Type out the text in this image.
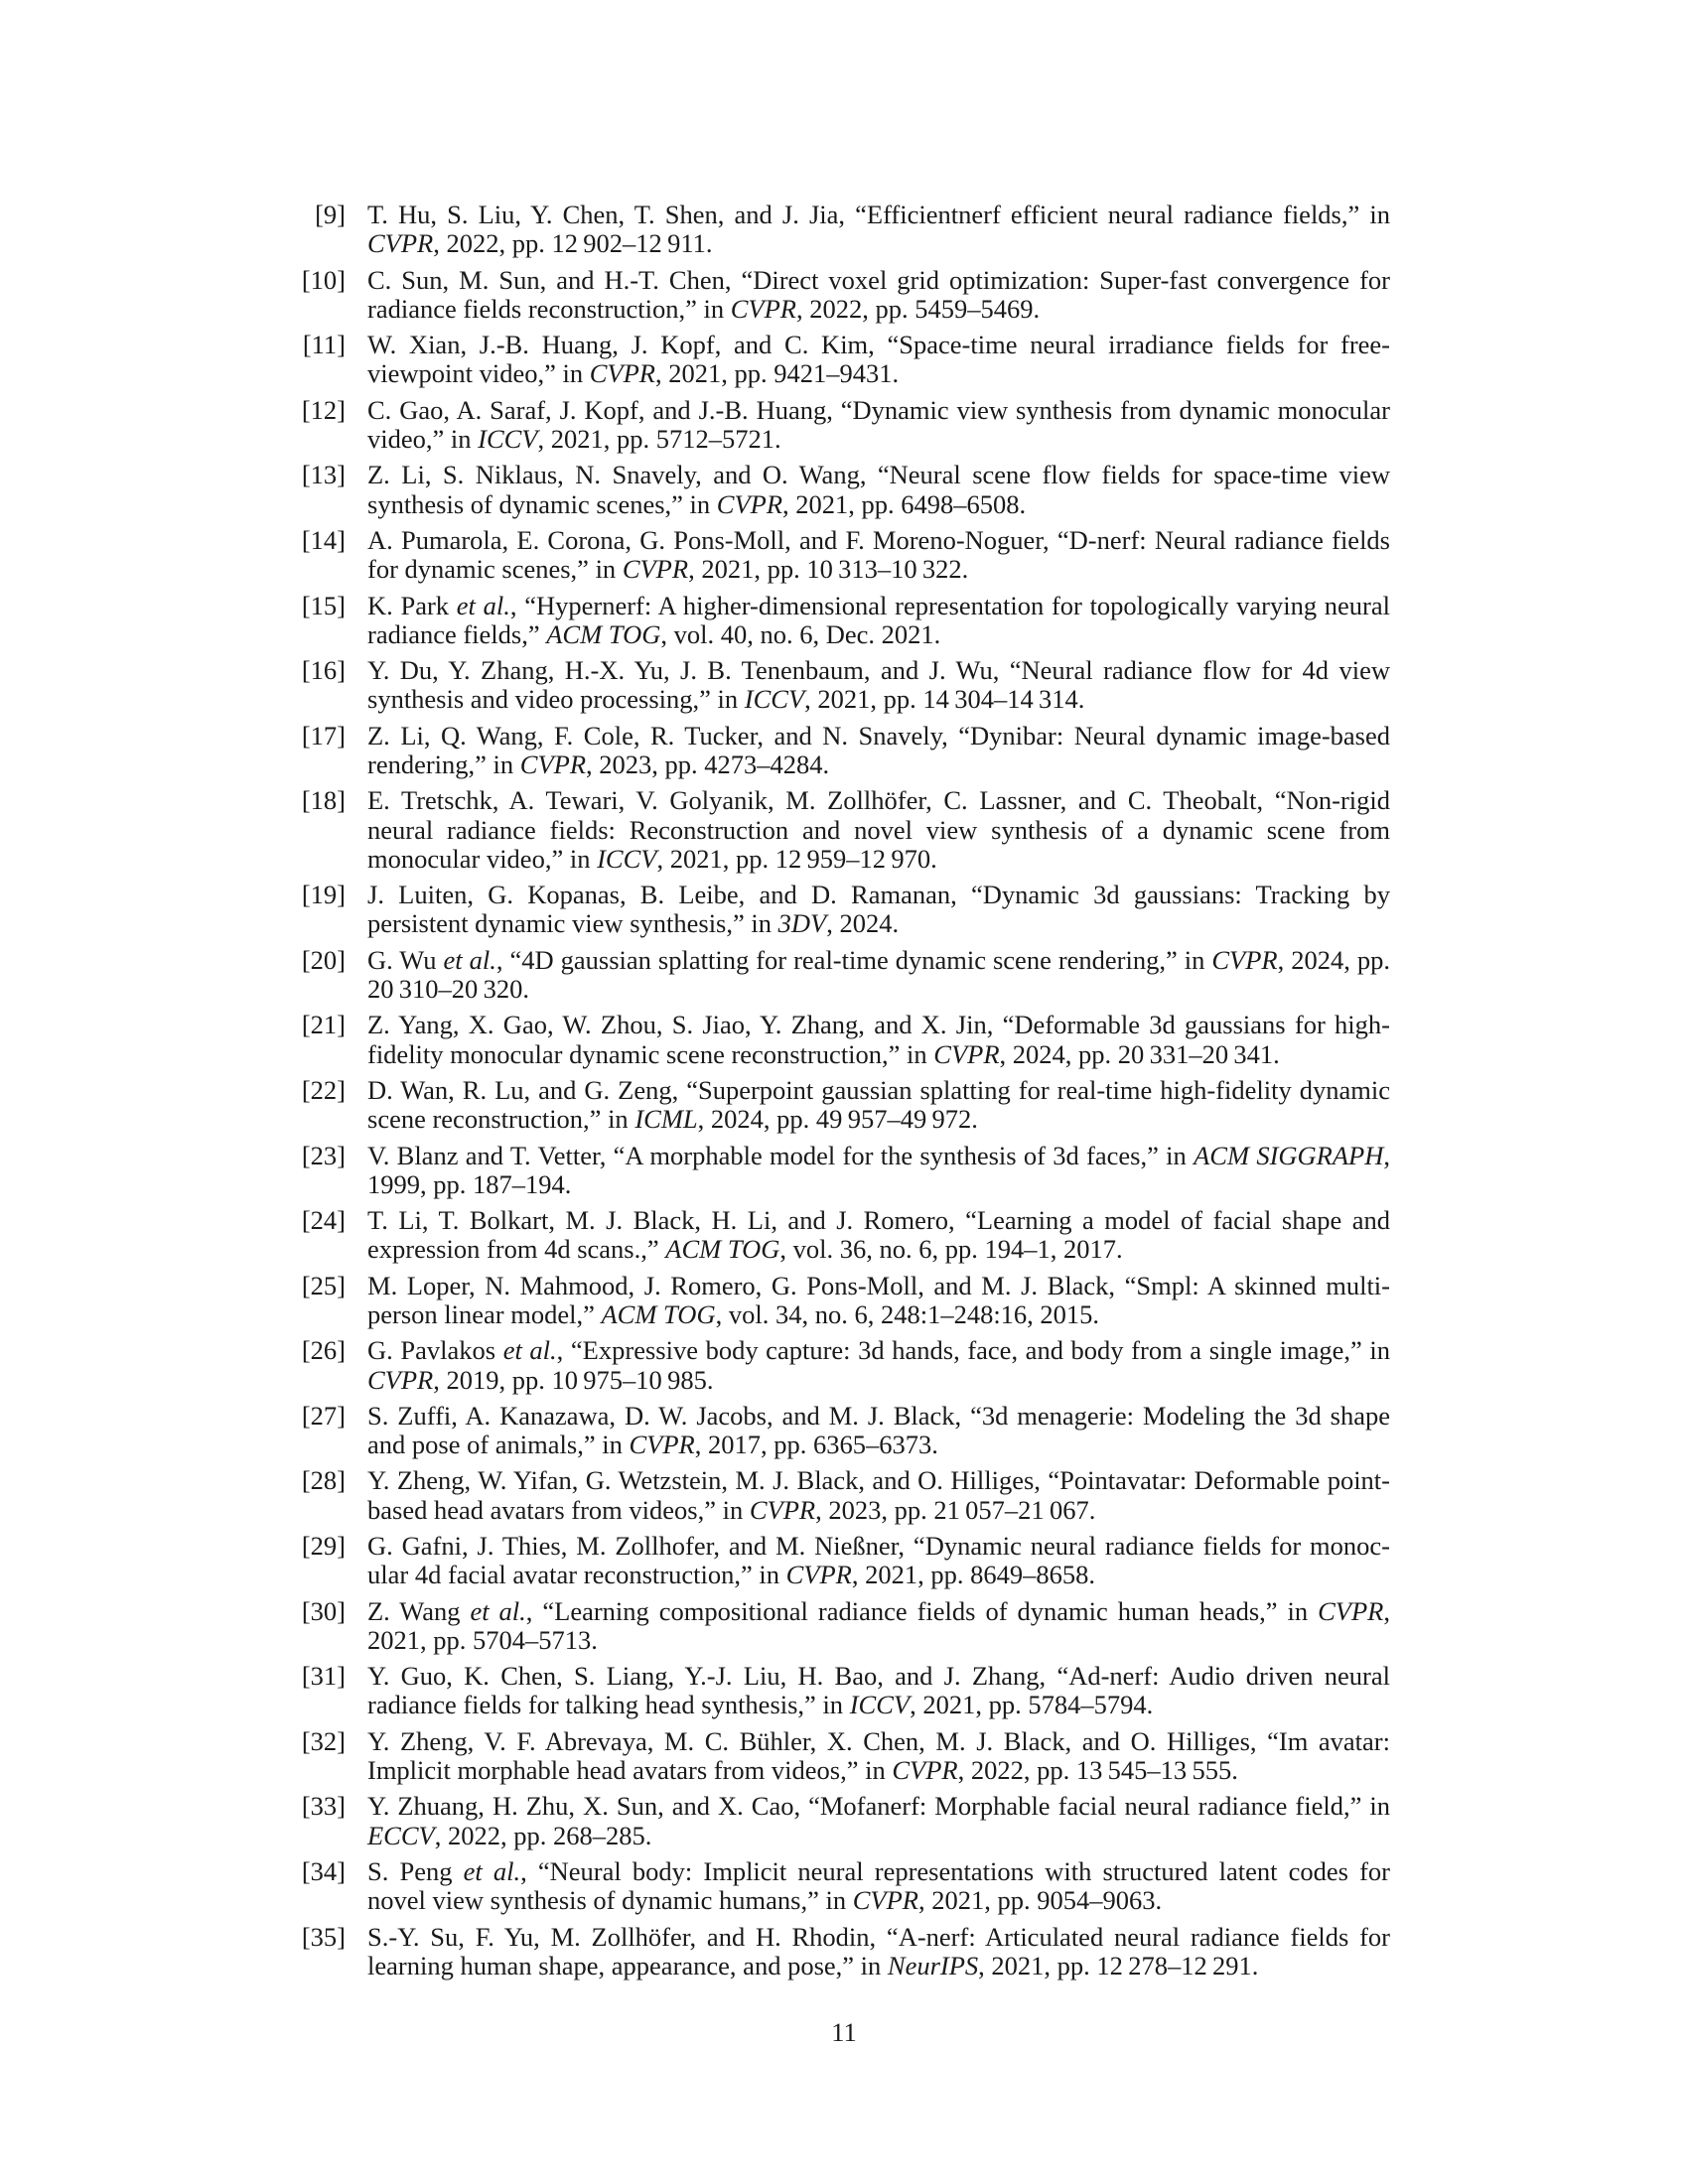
[9] T. Hu, S. Liu, Y. Chen, T. Shen, and J. Jia, “Efficientnerf efficient neural radiance fields,” in CVPR, 2022, pp. 12 902–12 911.
[10] C. Sun, M. Sun, and H.-T. Chen, “Direct voxel grid optimization: Super-fast convergence for radiance fields reconstruction,” in CVPR, 2022, pp. 5459–5469.
[11] W. Xian, J.-B. Huang, J. Kopf, and C. Kim, “Space-time neural irradiance fields for free-viewpoint video,” in CVPR, 2021, pp. 9421–9431.
[12] C. Gao, A. Saraf, J. Kopf, and J.-B. Huang, “Dynamic view synthesis from dynamic monocular video,” in ICCV, 2021, pp. 5712–5721.
[13] Z. Li, S. Niklaus, N. Snavely, and O. Wang, “Neural scene flow fields for space-time view synthesis of dynamic scenes,” in CVPR, 2021, pp. 6498–6508.
[14] A. Pumarola, E. Corona, G. Pons-Moll, and F. Moreno-Noguer, “D-nerf: Neural radiance fields for dynamic scenes,” in CVPR, 2021, pp. 10 313–10 322.
[15] K. Park et al., “Hypernerf: A higher-dimensional representation for topologically varying neural radiance fields,” ACM TOG, vol. 40, no. 6, Dec. 2021.
[16] Y. Du, Y. Zhang, H.-X. Yu, J. B. Tenenbaum, and J. Wu, “Neural radiance flow for 4d view synthesis and video processing,” in ICCV, 2021, pp. 14 304–14 314.
[17] Z. Li, Q. Wang, F. Cole, R. Tucker, and N. Snavely, “Dynibar: Neural dynamic image-based rendering,” in CVPR, 2023, pp. 4273–4284.
[18] E. Tretschk, A. Tewari, V. Golyanik, M. Zollhöfer, C. Lassner, and C. Theobalt, “Non-rigid neural radiance fields: Reconstruction and novel view synthesis of a dynamic scene from monocular video,” in ICCV, 2021, pp. 12 959–12 970.
[19] J. Luiten, G. Kopanas, B. Leibe, and D. Ramanan, “Dynamic 3d gaussians: Tracking by persistent dynamic view synthesis,” in 3DV, 2024.
[20] G. Wu et al., “4D gaussian splatting for real-time dynamic scene rendering,” in CVPR, 2024, pp. 20 310–20 320.
[21] Z. Yang, X. Gao, W. Zhou, S. Jiao, Y. Zhang, and X. Jin, “Deformable 3d gaussians for high-fidelity monocular dynamic scene reconstruction,” in CVPR, 2024, pp. 20 331–20 341.
[22] D. Wan, R. Lu, and G. Zeng, “Superpoint gaussian splatting for real-time high-fidelity dynamic scene reconstruction,” in ICML, 2024, pp. 49 957–49 972.
[23] V. Blanz and T. Vetter, “A morphable model for the synthesis of 3d faces,” in ACM SIGGRAPH, 1999, pp. 187–194.
[24] T. Li, T. Bolkart, M. J. Black, H. Li, and J. Romero, “Learning a model of facial shape and expression from 4d scans.,” ACM TOG, vol. 36, no. 6, pp. 194–1, 2017.
[25] M. Loper, N. Mahmood, J. Romero, G. Pons-Moll, and M. J. Black, “Smpl: A skinned multi-person linear model,” ACM TOG, vol. 34, no. 6, 248:1–248:16, 2015.
[26] G. Pavlakos et al., “Expressive body capture: 3d hands, face, and body from a single image,” in CVPR, 2019, pp. 10 975–10 985.
[27] S. Zuffi, A. Kanazawa, D. W. Jacobs, and M. J. Black, “3d menagerie: Modeling the 3d shape and pose of animals,” in CVPR, 2017, pp. 6365–6373.
[28] Y. Zheng, W. Yifan, G. Wetzstein, M. J. Black, and O. Hilliges, “Pointavatar: Deformable point-based head avatars from videos,” in CVPR, 2023, pp. 21 057–21 067.
[29] G. Gafni, J. Thies, M. Zollhofer, and M. Nießner, “Dynamic neural radiance fields for monoc-ular 4d facial avatar reconstruction,” in CVPR, 2021, pp. 8649–8658.
[30] Z. Wang et al., “Learning compositional radiance fields of dynamic human heads,” in CVPR, 2021, pp. 5704–5713.
[31] Y. Guo, K. Chen, S. Liang, Y.-J. Liu, H. Bao, and J. Zhang, “Ad-nerf: Audio driven neural radiance fields for talking head synthesis,” in ICCV, 2021, pp. 5784–5794.
[32] Y. Zheng, V. F. Abrevaya, M. C. Bühler, X. Chen, M. J. Black, and O. Hilliges, “Im avatar: Implicit morphable head avatars from videos,” in CVPR, 2022, pp. 13 545–13 555.
[33] Y. Zhuang, H. Zhu, X. Sun, and X. Cao, “Mofanerf: Morphable facial neural radiance field,” in ECCV, 2022, pp. 268–285.
[34] S. Peng et al., “Neural body: Implicit neural representations with structured latent codes for novel view synthesis of dynamic humans,” in CVPR, 2021, pp. 9054–9063.
[35] S.-Y. Su, F. Yu, M. Zollhöfer, and H. Rhodin, “A-nerf: Articulated neural radiance fields for learning human shape, appearance, and pose,” in NeurIPS, 2021, pp. 12 278–12 291.
11
